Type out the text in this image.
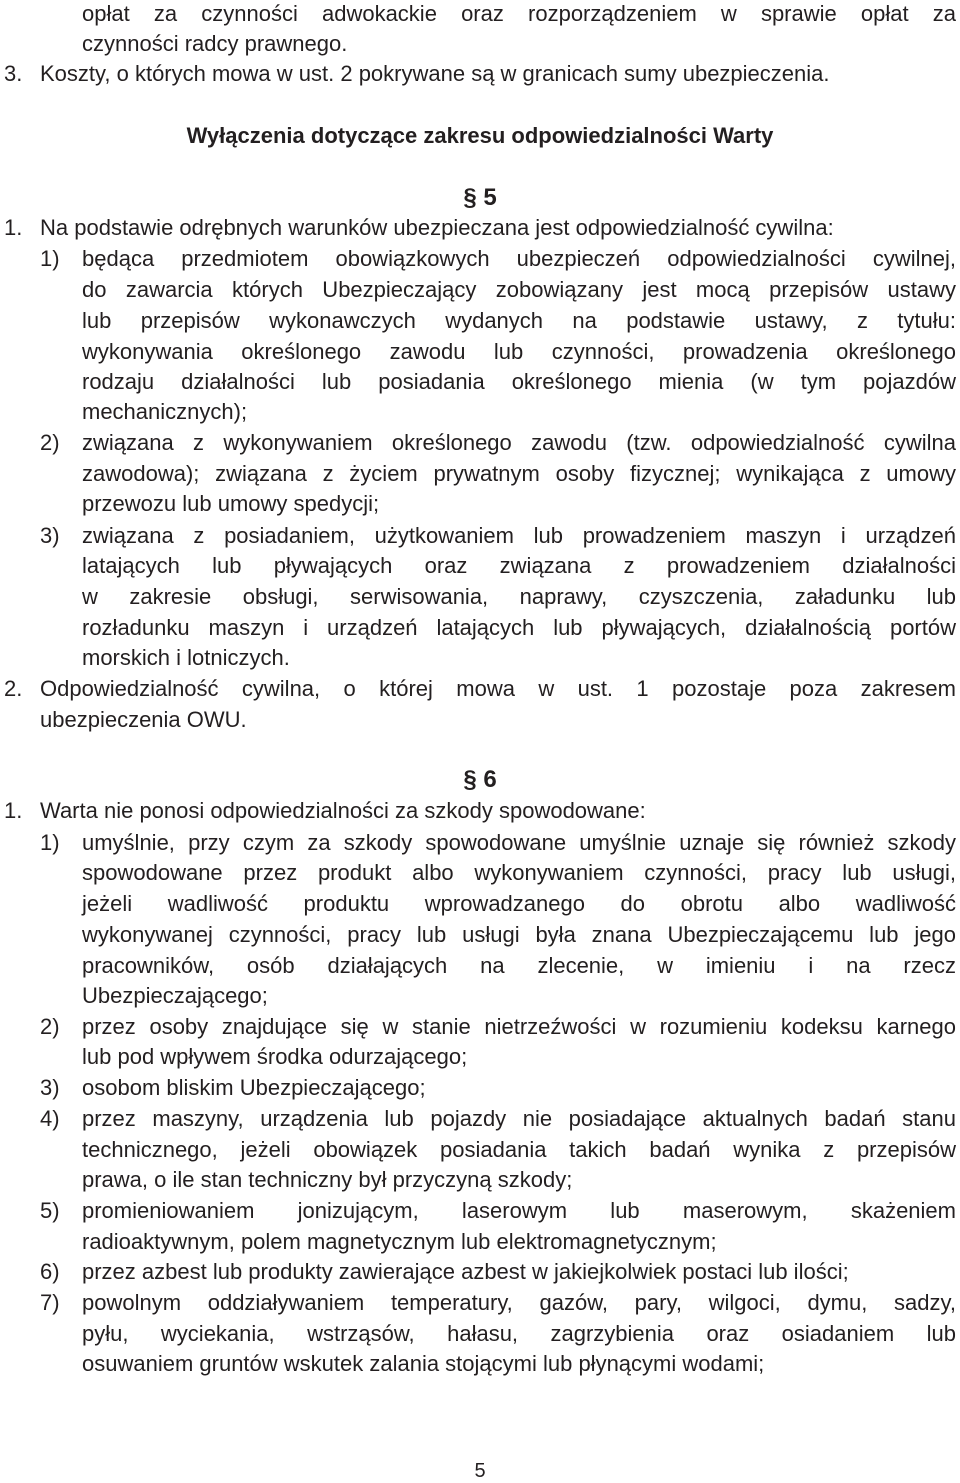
opłat za czynności adwokackie oraz rozporządzeniem w sprawie opłat za
czynności radcy prawnego.
3. Koszty, o których mowa w ust. 2 pokrywane są w granicach sumy ubezpieczenia.
Wyłączenia dotyczące zakresu odpowiedzialności Warty
§ 5
1. Na podstawie odrębnych warunków ubezpieczana jest odpowiedzialność cywilna:
1) będąca przedmiotem obowiązkowych ubezpieczeń odpowiedzialności cywilnej,
do zawarcia których Ubezpieczający zobowiązany jest mocą przepisów ustawy
lub przepisów wykonawczych wydanych na podstawie ustawy, z tytułu:
wykonywania określonego zawodu lub czynności, prowadzenia określonego
rodzaju działalności lub posiadania określonego mienia (w tym pojazdów
mechanicznych);
2) związana z wykonywaniem określonego zawodu (tzw. odpowiedzialność cywilna
zawodowa); związana z życiem prywatnym osoby fizycznej; wynikająca z umowy
przewozu lub umowy spedycji;
3) związana z posiadaniem, użytkowaniem lub prowadzeniem maszyn i urządzeń
latających lub pływających oraz związana z prowadzeniem działalności
w zakresie obsługi, serwisowania, naprawy, czyszczenia, załadunku lub
rozładunku maszyn i urządzeń latających lub pływających, działalnością portów
morskich i lotniczych.
2. Odpowiedzialność cywilna, o której mowa w ust. 1 pozostaje poza zakresem
ubezpieczenia OWU.
§ 6
1. Warta nie ponosi odpowiedzialności za szkody spowodowane:
1) umyślnie, przy czym za szkody spowodowane umyślnie uznaje się również szkody
spowodowane przez produkt albo wykonywaniem czynności, pracy lub usługi,
jeżeli wadliwość produktu wprowadzanego do obrotu albo wadliwość
wykonywanej czynności, pracy lub usługi była znana Ubezpieczającemu lub jego
pracowników, osób działających na zlecenie, w imieniu i na rzecz
Ubezpieczającego;
2) przez osoby znajdujące się w stanie nietrzeźwości w rozumieniu kodeksu karnego
lub pod wpływem środka odurzającego;
3) osobom bliskim Ubezpieczającego;
4) przez maszyny, urządzenia lub pojazdy nie posiadające aktualnych badań stanu
technicznego, jeżeli obowiązek posiadania takich badań wynika z przepisów
prawa, o ile stan techniczny był przyczyną szkody;
5) promieniowaniem jonizującym, laserowym lub maserowym, skażeniem
radioaktywnym, polem magnetycznym lub elektromagnetycznym;
6) przez azbest lub produkty zawierające azbest w jakiejkolwiek postaci lub ilości;
7) powolnym oddziaływaniem temperatury, gazów, pary, wilgoci, dymu, sadzy,
pyłu, wyciekania, wstrząsów, hałasu, zagrzybienia oraz osiadaniem lub
osuwaniem gruntów wskutek zalania stojącymi lub płynącymi wodami;
5
